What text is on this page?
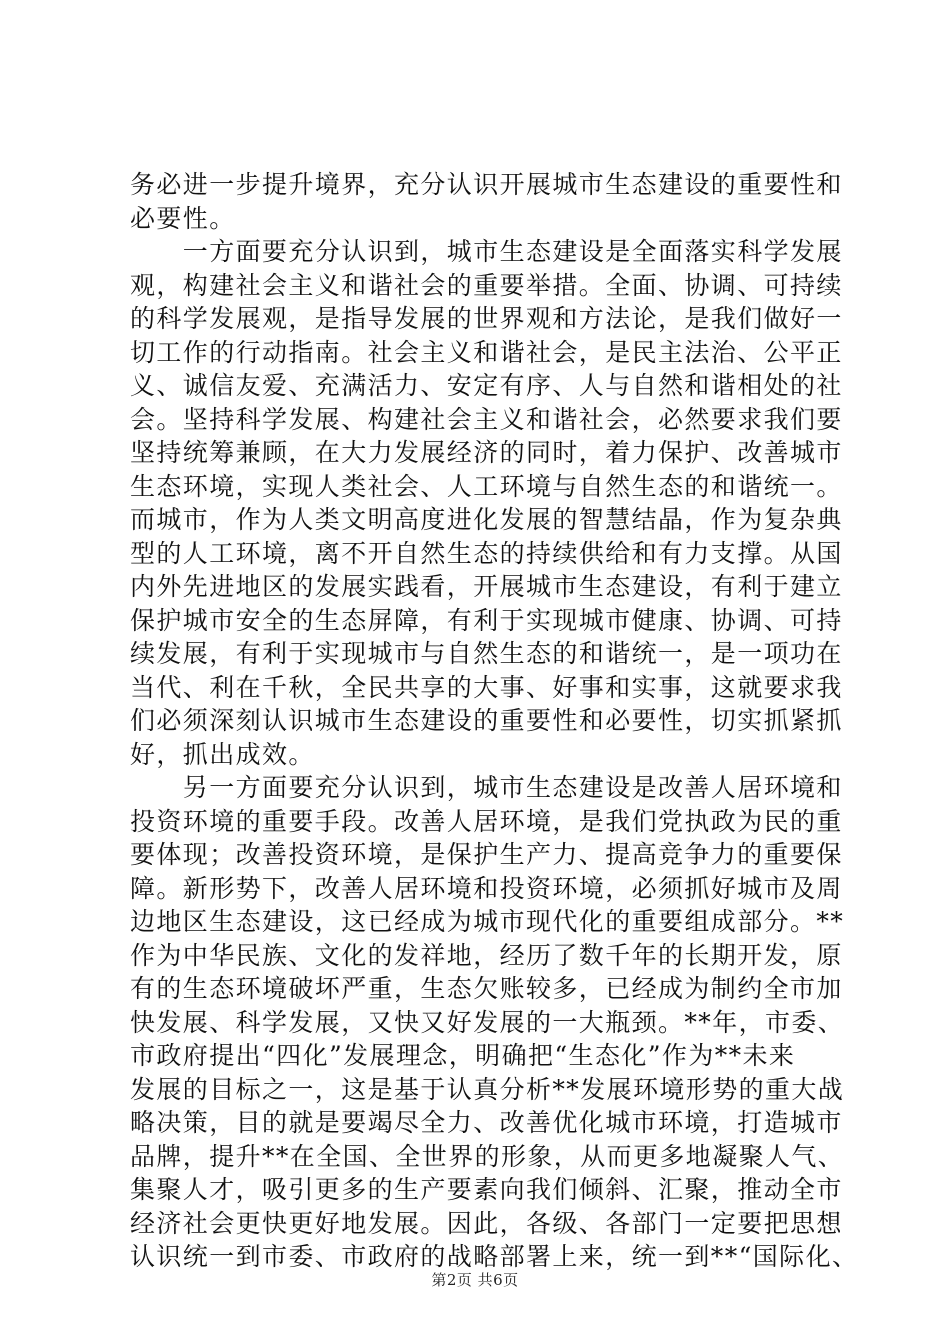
务必进一步提升境界，充分认识开展城市生态建设的重要性和
必要性。
　　一方面要充分认识到，城市生态建设是全面落实科学发展
观，构建社会主义和谐社会的重要举措。全面、协调、可持续
的科学发展观，是指导发展的世界观和方法论，是我们做好一
切工作的行动指南。社会主义和谐社会，是民主法治、公平正
义、诚信友爱、充满活力、安定有序、人与自然和谐相处的社
会。坚持科学发展、构建社会主义和谐社会，必然要求我们要
坚持统筹兼顾，在大力发展经济的同时，着力保护、改善城市
生态环境，实现人类社会、人工环境与自然生态的和谐统一。
而城市，作为人类文明高度进化发展的智慧结晶，作为复杂典
型的人工环境，离不开自然生态的持续供给和有力支撑。从国
内外先进地区的发展实践看，开展城市生态建设，有利于建立
保护城市安全的生态屏障，有利于实现城市健康、协调、可持
续发展，有利于实现城市与自然生态的和谐统一，是一项功在
当代、利在千秋，全民共享的大事、好事和实事，这就要求我
们必须深刻认识城市生态建设的重要性和必要性，切实抓紧抓
好，抓出成效。
　　另一方面要充分认识到，城市生态建设是改善人居环境和
投资环境的重要手段。改善人居环境，是我们党执政为民的重
要体现；改善投资环境，是保护生产力、提高竞争力的重要保
障。新形势下，改善人居环境和投资环境，必须抓好城市及周
边地区生态建设，这已经成为城市现代化的重要组成部分。**
作为中华民族、文化的发祥地，经历了数千年的长期开发，原
有的生态环境破坏严重，生态欠账较多，已经成为制约全市加
快发展、科学发展，又快又好发展的一大瓶颈。**年，市委、
市政府提出“四化”发展理念，明确把“生态化”作为**未来
发展的目标之一，这是基于认真分析**发展环境形势的重大战
略决策，目的就是要竭尽全力、改善优化城市环境，打造城市
品牌，提升**在全国、全世界的形象，从而更多地凝聚人气、
集聚人才，吸引更多的生产要素向我们倾斜、汇聚，推动全市
经济社会更快更好地发展。因此，各级、各部门一定要把思想
认识统一到市委、市政府的战略部署上来，统一到**“国际化、
第2页 共6页
